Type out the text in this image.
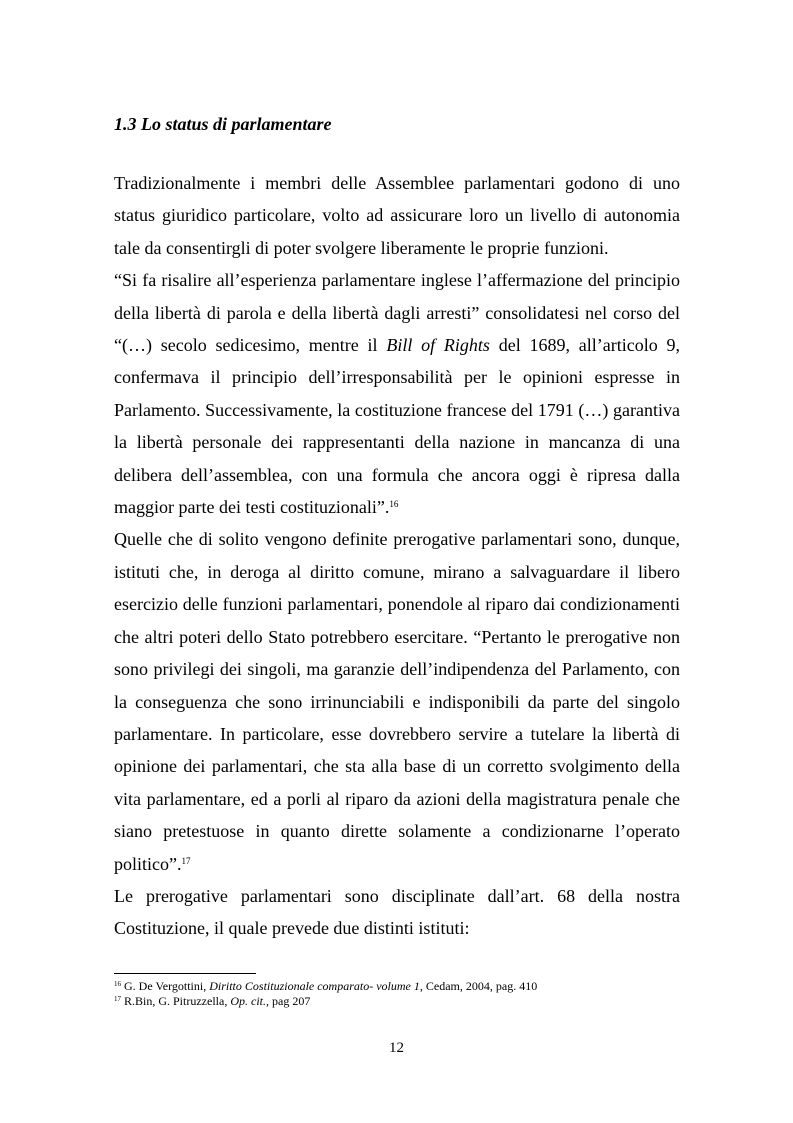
1.3 Lo status di parlamentare

Tradizionalmente i membri delle Assemblee parlamentari godono di uno status giuridico particolare, volto ad assicurare loro un livello di autonomia tale da consentirgli di poter svolgere liberamente le proprie funzioni.

“Si fa risalire all’esperienza parlamentare inglese l’affermazione del principio della libertà di parola e della libertà dagli arresti” consolidatesi nel corso del “(…) secolo sedicesimo, mentre il Bill of Rights del 1689, all’articolo 9, confermava il principio dell’irresponsabilità per le opinioni espresse in Parlamento. Successivamente, la costituzione francese del 1791 (…) garantiva la libertà personale dei rappresentanti della nazione in mancanza di una delibera dell’assemblea, con una formula che ancora oggi è ripresa dalla maggior parte dei testi costituzionali”.$^{16}$

Quelle che di solito vengono definite prerogative parlamentari sono, dunque, istituti che, in deroga al diritto comune, mirano a salvaguardare il libero esercizio delle funzioni parlamentari, ponendole al riparo dai condizionamenti che altri poteri dello Stato potrebbero esercitare. “Pertanto le prerogative non sono privilegi dei singoli, ma garanzie dell’indipendenza del Parlamento, con la conseguenza che sono irrinunciabili e indisponibili da parte del singolo parlamentare. In particolare, esse dovrebbero servire a tutelare la libertà di opinione dei parlamentari, che sta alla base di un corretto svolgimento della vita parlamentare, ed a porli al riparo da azioni della magistratura penale che siano pretestuose in quanto dirette solamente a condizionarne l’operato politico”.$^{17}$

Le prerogative parlamentari sono disciplinate dall’art. 68 della nostra Costituzione, il quale prevede due distinti istituti:

$^{16}$ G. De Vergottini, Diritto Costituzionale comparato- volume 1, Cedam, 2004, pag. 410
$^{17}$ R.Bin, G. Pitruzzella, Op. cit., pag 207
12
